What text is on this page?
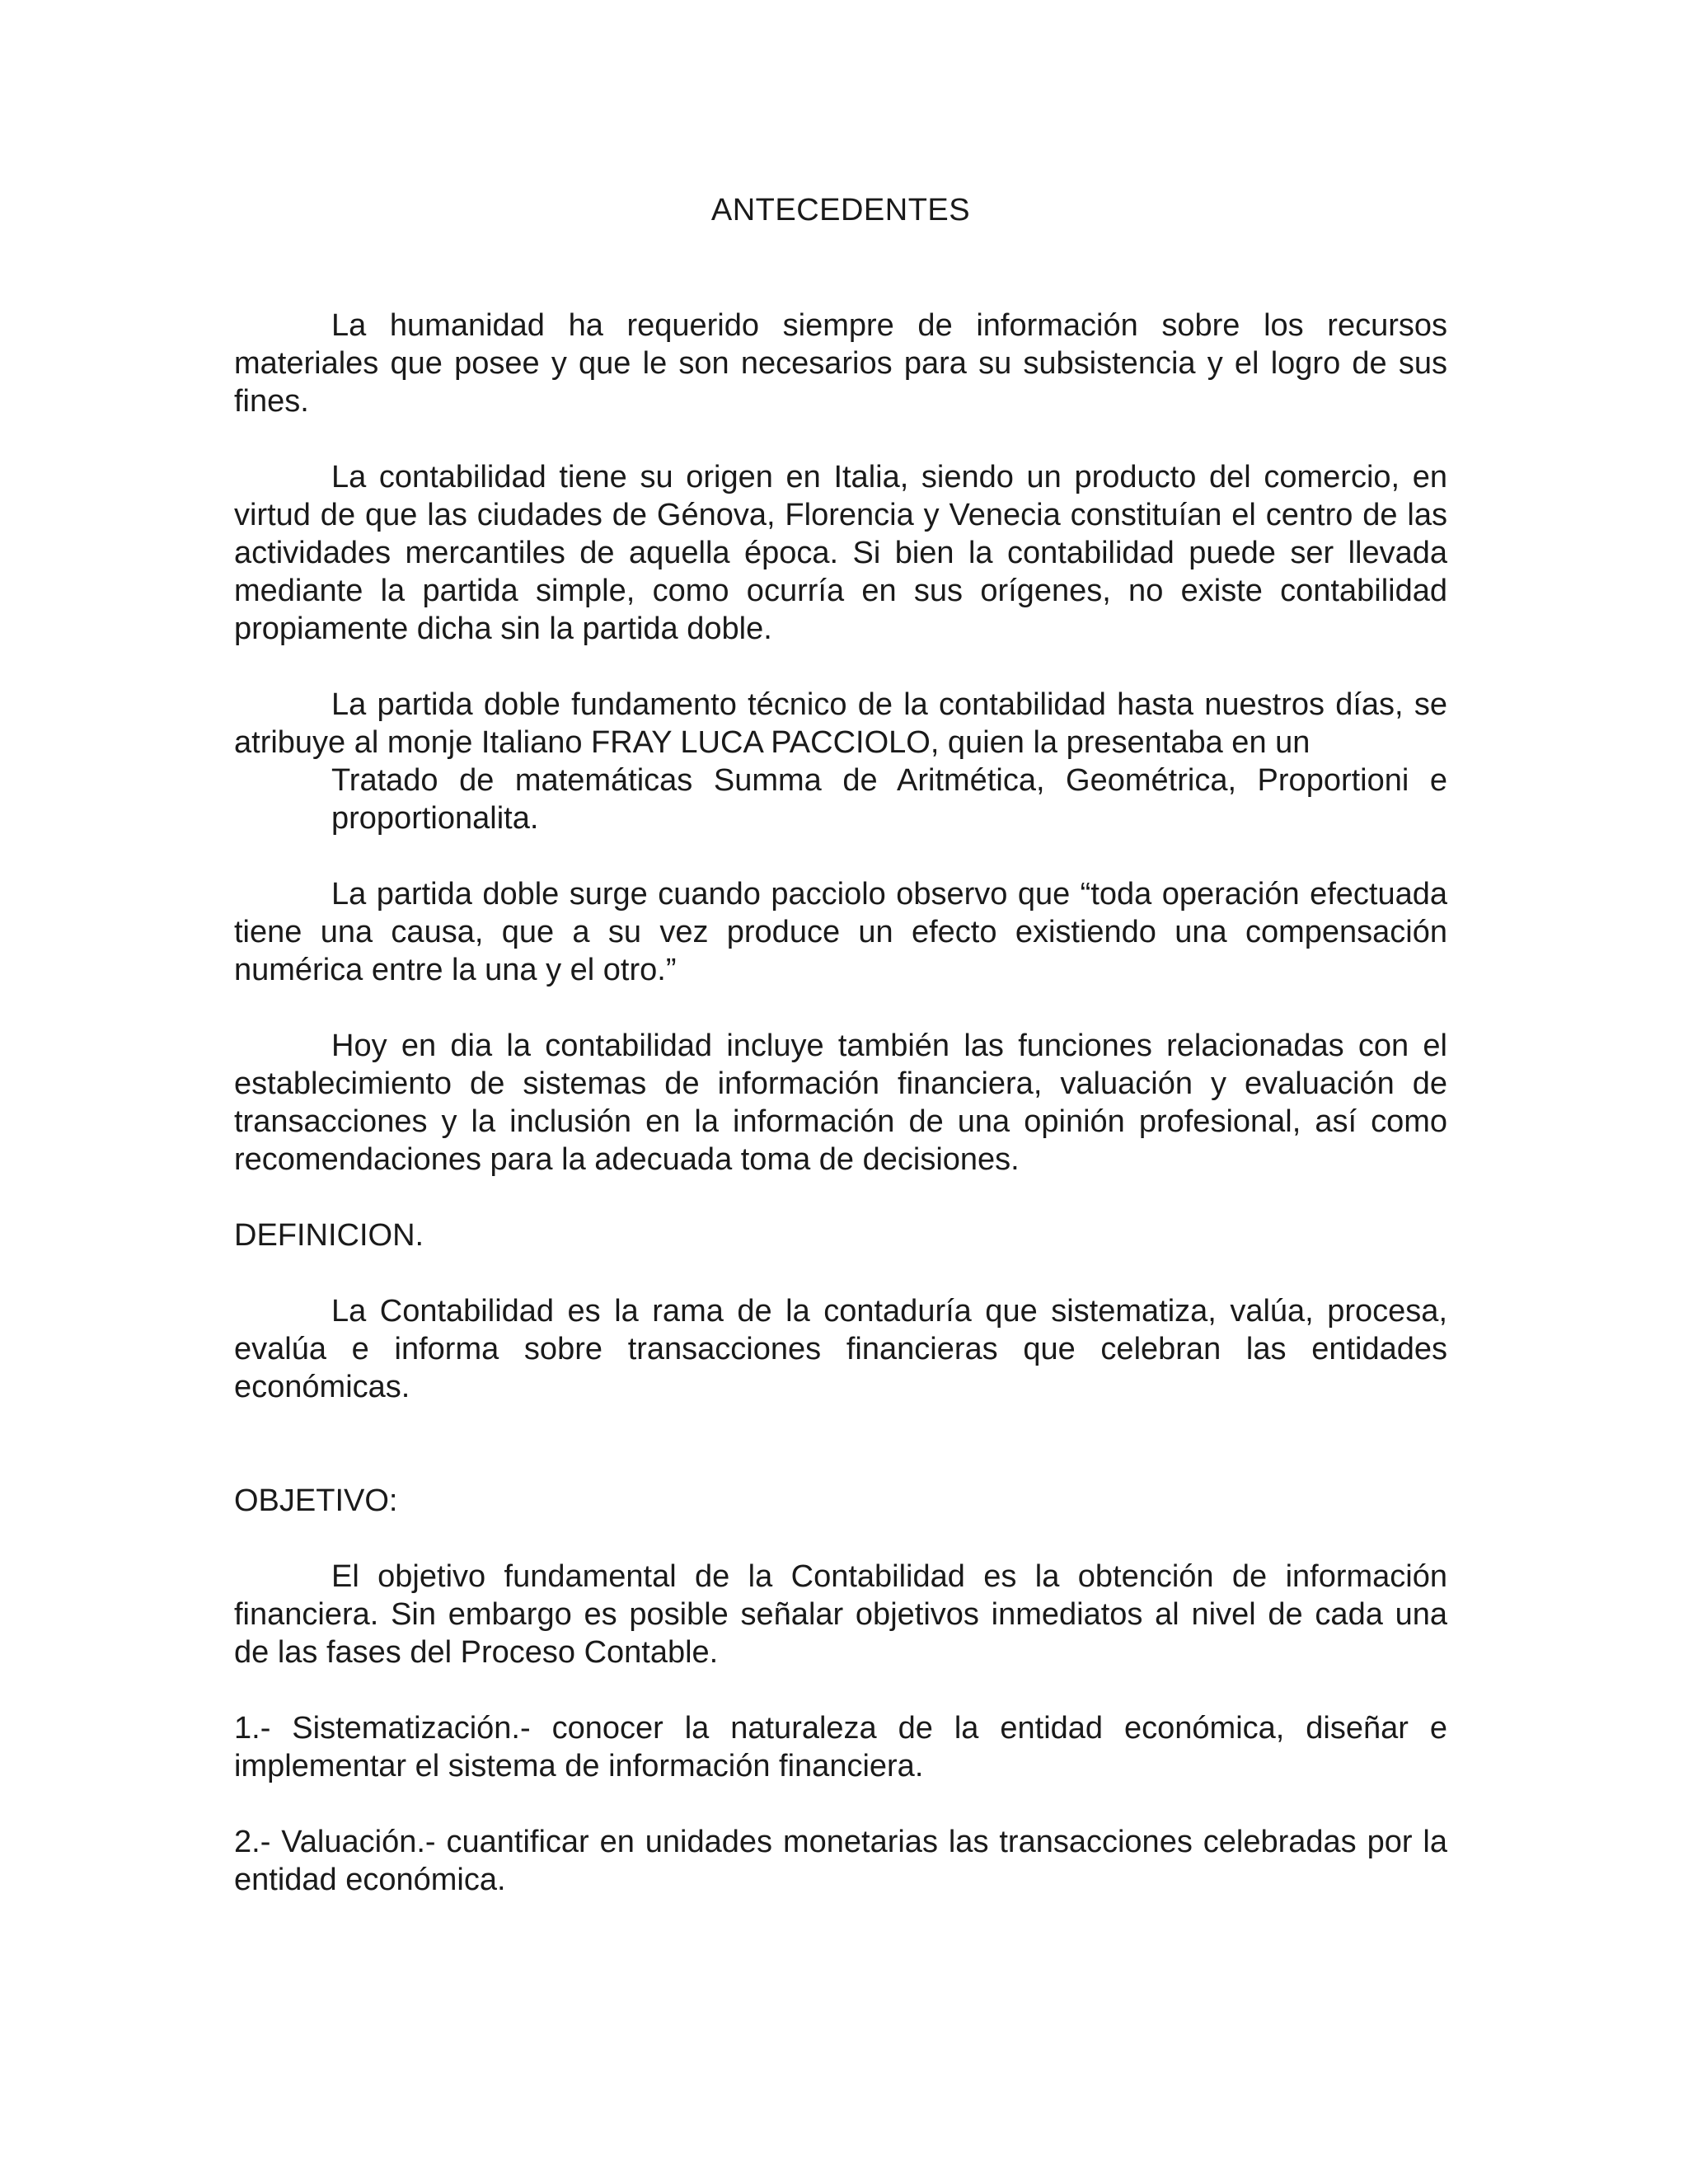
ANTECEDENTES

La humanidad ha requerido siempre de información sobre los recursos materiales que posee y que le son necesarios para su subsistencia y el logro de sus fines.

La contabilidad tiene su origen en Italia, siendo un producto del comercio, en virtud de que las ciudades de Génova, Florencia y Venecia constituían el centro de las actividades mercantiles de aquella época. Si bien la contabilidad puede ser llevada mediante la partida simple, como ocurría en sus orígenes, no existe contabilidad propiamente dicha sin la partida doble.

La partida doble fundamento técnico de la contabilidad hasta nuestros días, se atribuye al monje Italiano FRAY LUCA PACCIOLO, quien la presentaba en un

Tratado de matemáticas Summa de Aritmética, Geométrica, Proportioni e proportionalita.

La partida doble surge cuando pacciolo observo que “toda operación efectuada tiene una causa, que a su vez produce un efecto existiendo una compensación numérica entre la una y el otro.”

Hoy en dia la contabilidad incluye también las funciones relacionadas con el establecimiento de sistemas de información financiera, valuación y evaluación de transacciones y la inclusión en la información de una opinión profesional, así como recomendaciones para la adecuada toma de decisiones.

DEFINICION.

La Contabilidad es la rama de la contaduría que sistematiza, valúa, procesa, evalúa e informa sobre transacciones financieras que celebran las entidades económicas.

OBJETIVO:

El objetivo fundamental de la Contabilidad es la obtención de información financiera. Sin embargo es posible señalar objetivos inmediatos al nivel de cada una de las fases del Proceso Contable.

1.- Sistematización.- conocer la naturaleza de la entidad económica, diseñar e implementar el sistema de información financiera.

2.- Valuación.- cuantificar en unidades monetarias las transacciones celebradas por la entidad económica.
